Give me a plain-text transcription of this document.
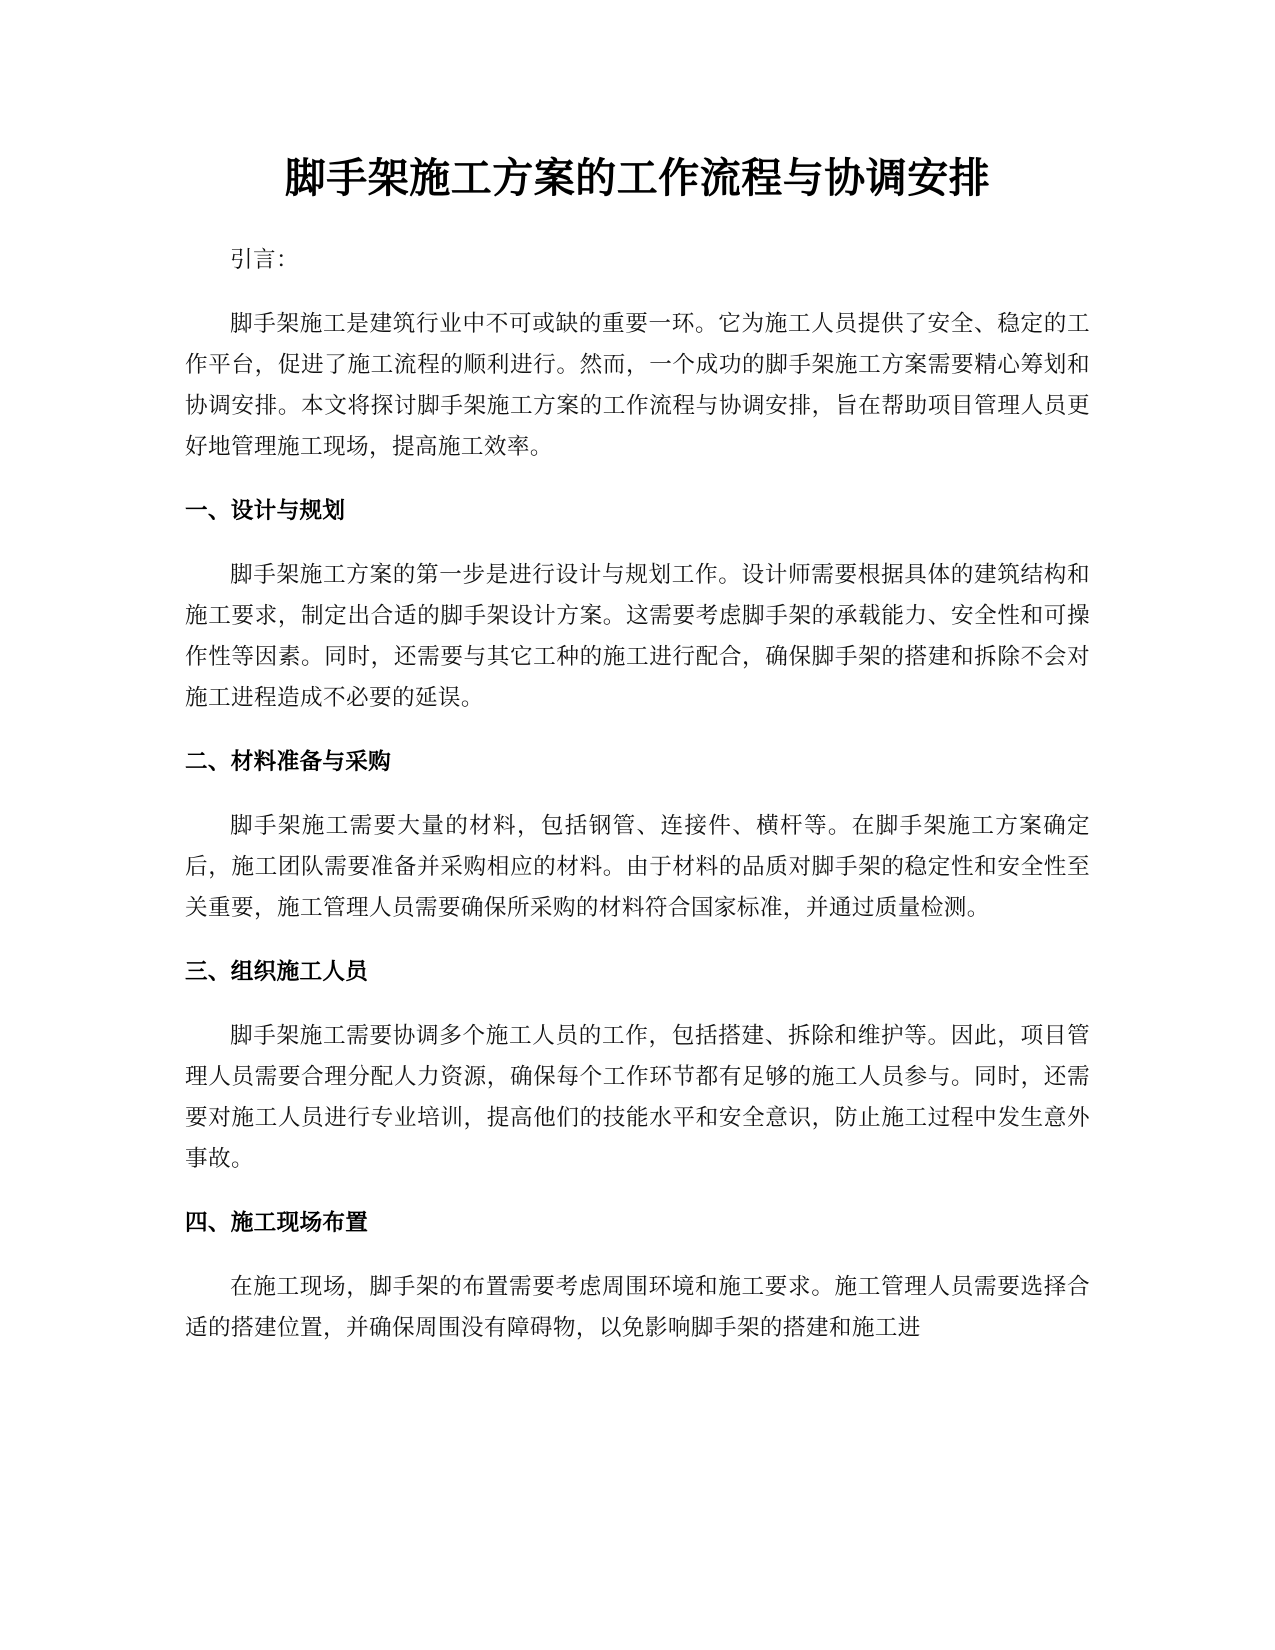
脚手架施工方案的工作流程与协调安排

引言：

脚手架施工是建筑行业中不可或缺的重要一环。它为施工人员提供了安全、稳定的工作平台，促进了施工流程的顺利进行。然而，一个成功的脚手架施工方案需要精心筹划和协调安排。本文将探讨脚手架施工方案的工作流程与协调安排，旨在帮助项目管理人员更好地管理施工现场，提高施工效率。

一、设计与规划

脚手架施工方案的第一步是进行设计与规划工作。设计师需要根据具体的建筑结构和施工要求，制定出合适的脚手架设计方案。这需要考虑脚手架的承载能力、安全性和可操作性等因素。同时，还需要与其它工种的施工进行配合，确保脚手架的搭建和拆除不会对施工进程造成不必要的延误。

二、材料准备与采购

脚手架施工需要大量的材料，包括钢管、连接件、横杆等。在脚手架施工方案确定后，施工团队需要准备并采购相应的材料。由于材料的品质对脚手架的稳定性和安全性至关重要，施工管理人员需要确保所采购的材料符合国家标准，并通过质量检测。

三、组织施工人员

脚手架施工需要协调多个施工人员的工作，包括搭建、拆除和维护等。因此，项目管理人员需要合理分配人力资源，确保每个工作环节都有足够的施工人员参与。同时，还需要对施工人员进行专业培训，提高他们的技能水平和安全意识，防止施工过程中发生意外事故。

四、施工现场布置

在施工现场，脚手架的布置需要考虑周围环境和施工要求。施工管理人员需要选择合适的搭建位置，并确保周围没有障碍物，以免影响脚手架的搭建和施工进
